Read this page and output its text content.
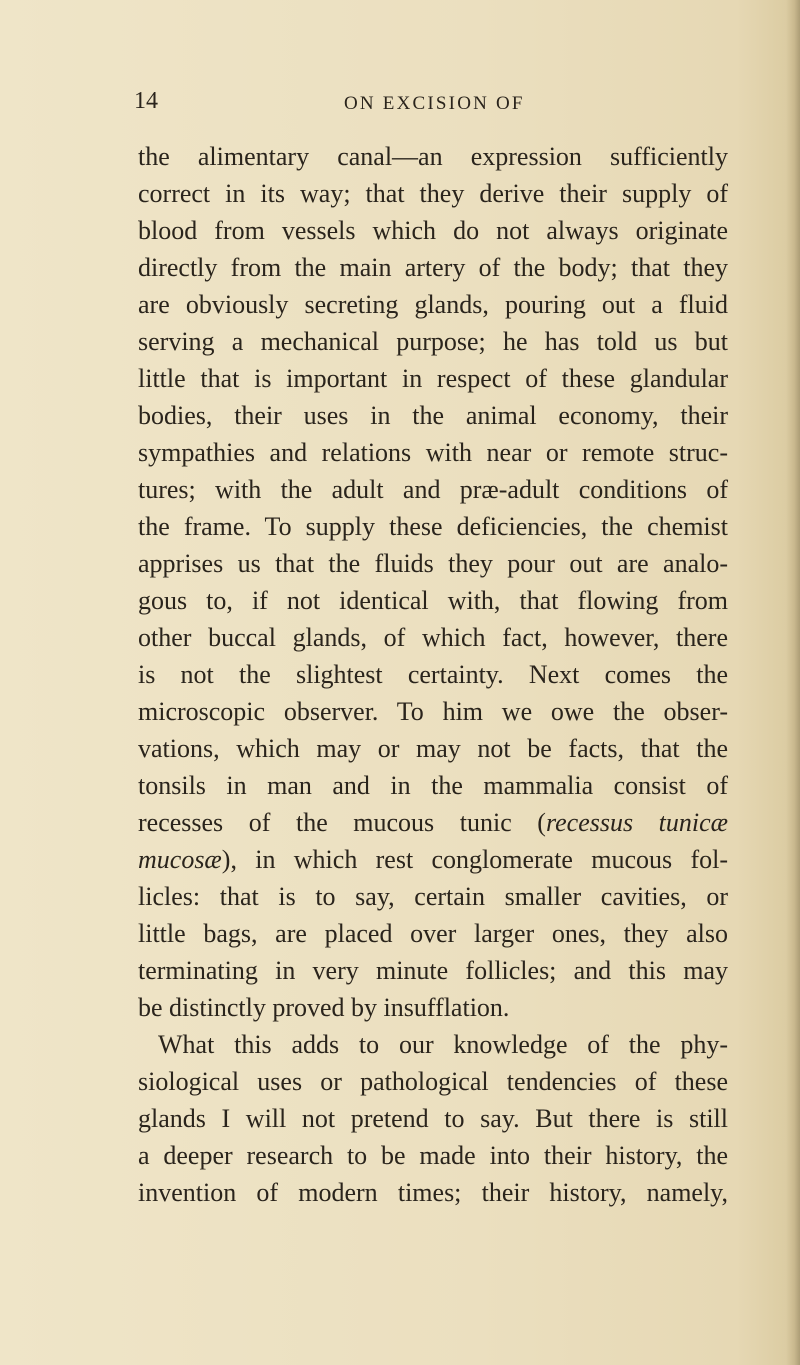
14	ON EXCISION OF
the alimentary canal—an expression sufficiently
correct in its way; that they derive their supply of
blood from vessels which do not always originate
directly from the main artery of the body; that they
are obviously secreting glands, pouring out a fluid
serving a mechanical purpose; he has told us but
little that is important in respect of these glandular
bodies, their uses in the animal economy, their
sympathies and relations with near or remote struc-
tures; with the adult and præ-adult conditions of
the frame. To supply these deficiencies, the chemist
apprises us that the fluids they pour out are analo-
gous to, if not identical with, that flowing from
other buccal glands, of which fact, however, there
is not the slightest certainty. Next comes the
microscopic observer. To him we owe the obser-
vations, which may or may not be facts, that the
tonsils in man and in the mammalia consist of
recesses of the mucous tunic (recessus tunicæ
mucosæ), in which rest conglomerate mucous fol-
licles: that is to say, certain smaller cavities, or
little bags, are placed over larger ones, they also
terminating in very minute follicles; and this may
be distinctly proved by insufflation.
What this adds to our knowledge of the phy-
siological uses or pathological tendencies of these
glands I will not pretend to say. But there is still
a deeper research to be made into their history, the
invention of modern times; their history, namely,
